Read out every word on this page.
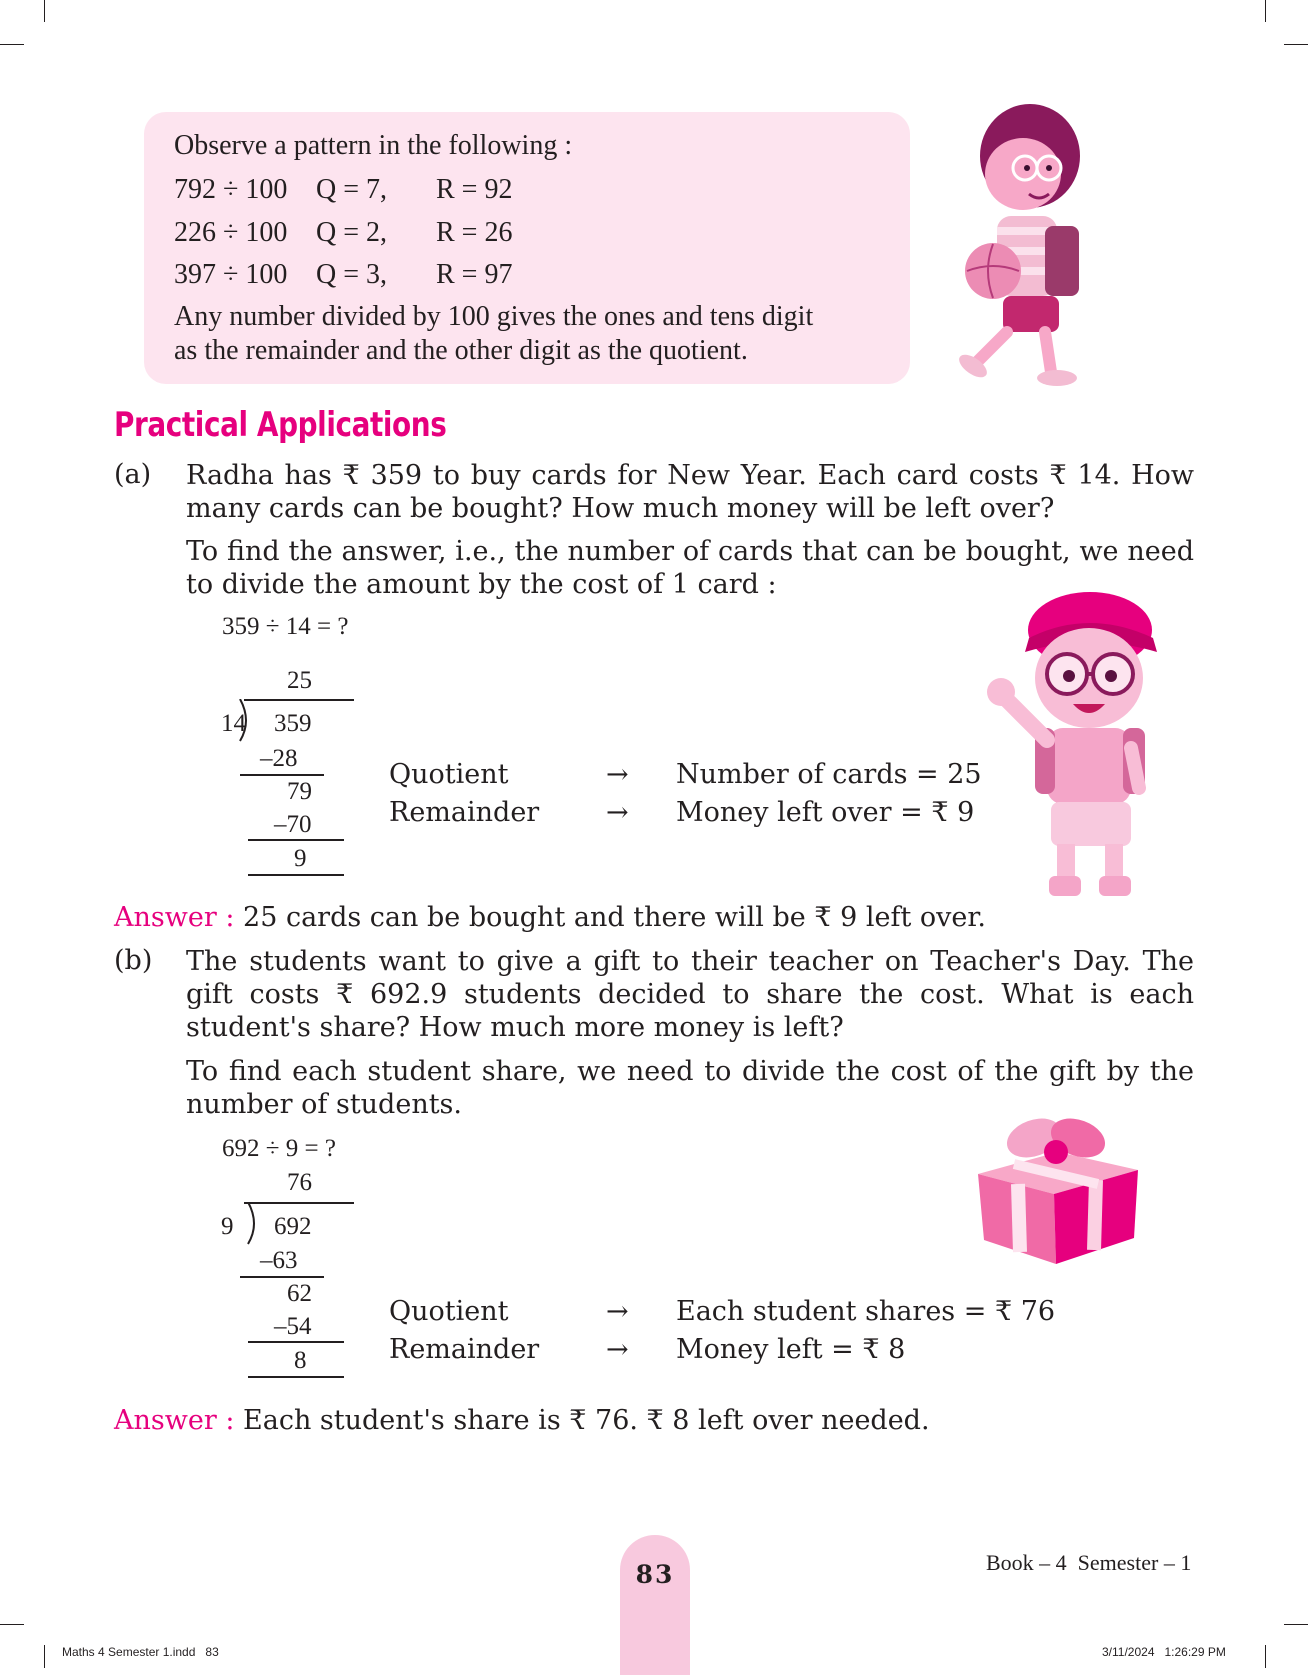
Observe a pattern in the following :
792 ÷ 100 Q = 7, R = 92
226 ÷ 100 Q = 2, R = 26
397 ÷ 100 Q = 3, R = 97
Any number divided by 100 gives the ones and tens digit
as the remainder and the other digit as the quotient.
Practical Applications
(a) Radha has ₹ 359 to buy cards for New Year. Each card costs ₹ 14. How many cards can be bought? How much money will be left over?
To find the answer, i.e., the number of cards that can be bought, we need to divide the amount by the cost of 1 card :
359 ÷ 14 = ?
25
14 359
–28
79
–70
9
Quotient	→ Number of cards = 25
Remainder → Money left over = ₹ 9
Answer : 25 cards can be bought and there will be ₹ 9 left over.
(b) The students want to give a gift to their teacher on Teacher's Day. The gift costs ₹ 692.9 students decided to share the cost. What is each student's share? How much more money is left?
To find each student share, we need to divide the cost of the gift by the number of students.
692 ÷ 9 = ?
76
9 692
–63
62
–54
8
Quotient	→ Each student shares = ₹ 76
Remainder → Money left = ₹ 8
Answer : Each student's share is ₹ 76. ₹ 8 left over needed.
83	Book – 4  Semester – 1
Maths 4 Semester 1.indd   83	3/11/2024   1:26:29 PM
